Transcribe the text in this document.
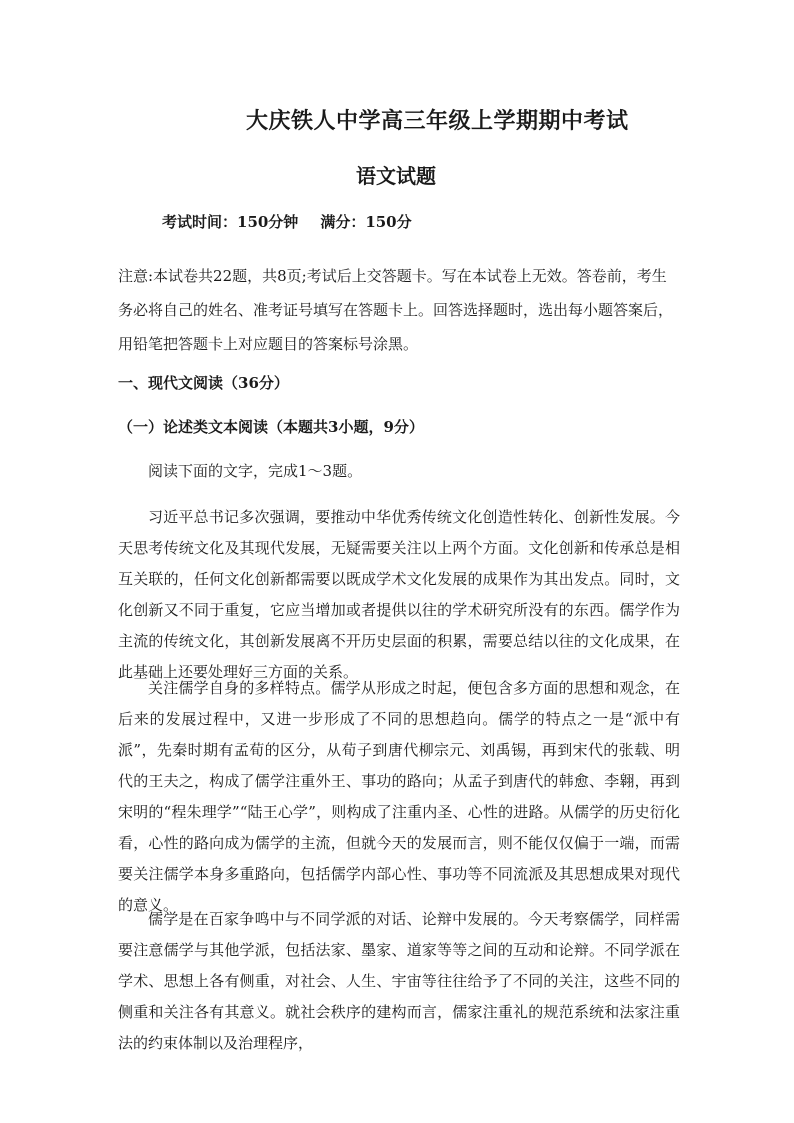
大庆铁人中学高三年级上学期期中考试
语文试题
考试时间：150分钟 满分：150分

注意:本试卷共22题，共8页;考试后上交答题卡。写在本试卷上无效。答卷前，考生务必将自己的姓名、准考证号填写在答题卡上。回答选择题时，选出每小题答案后，用铅笔把答题卡上对应题目的答案标号涂黑。

一、现代文阅读（36分）
（一）论述类文本阅读（本题共3小题，9分）
阅读下面的文字，完成1～3题。

习近平总书记多次强调，要推动中华优秀传统文化创造性转化、创新性发展。今天思考传统文化及其现代发展，无疑需要关注以上两个方面。文化创新和传承总是相互关联的，任何文化创新都需要以既成学术文化发展的成果作为其出发点。同时，文化创新又不同于重复，它应当增加或者提供以往的学术研究所没有的东西。儒学作为主流的传统文化，其创新发展离不开历史层面的积累，需要总结以往的文化成果，在此基础上还要处理好三方面的关系。

关注儒学自身的多样特点。儒学从形成之时起，便包含多方面的思想和观念，在后来的发展过程中，又进一步形成了不同的思想趋向。儒学的特点之一是“派中有派”，先秦时期有孟荀的区分，从荀子到唐代柳宗元、刘禹锡，再到宋代的张载、明代的王夫之，构成了儒学注重外王、事功的路向；从孟子到唐代的韩愈、李翱，再到宋明的“程朱理学”“陆王心学”，则构成了注重内圣、心性的进路。从儒学的历史衍化看，心性的路向成为儒学的主流，但就今天的发展而言，则不能仅仅偏于一端，而需要关注儒学本身多重路向，包括儒学内部心性、事功等不同流派及其思想成果对现代的意义。

儒学是在百家争鸣中与不同学派的对话、论辩中发展的。今天考察儒学，同样需要注意儒学与其他学派，包括法家、墨家、道家等等之间的互动和论辩。不同学派在学术、思想上各有侧重，对社会、人生、宇宙等往往给予了不同的关注，这些不同的侧重和关注各有其意义。就社会秩序的建构而言，儒家注重礼的规范系统和法家注重法的约束体制以及治理程序，
